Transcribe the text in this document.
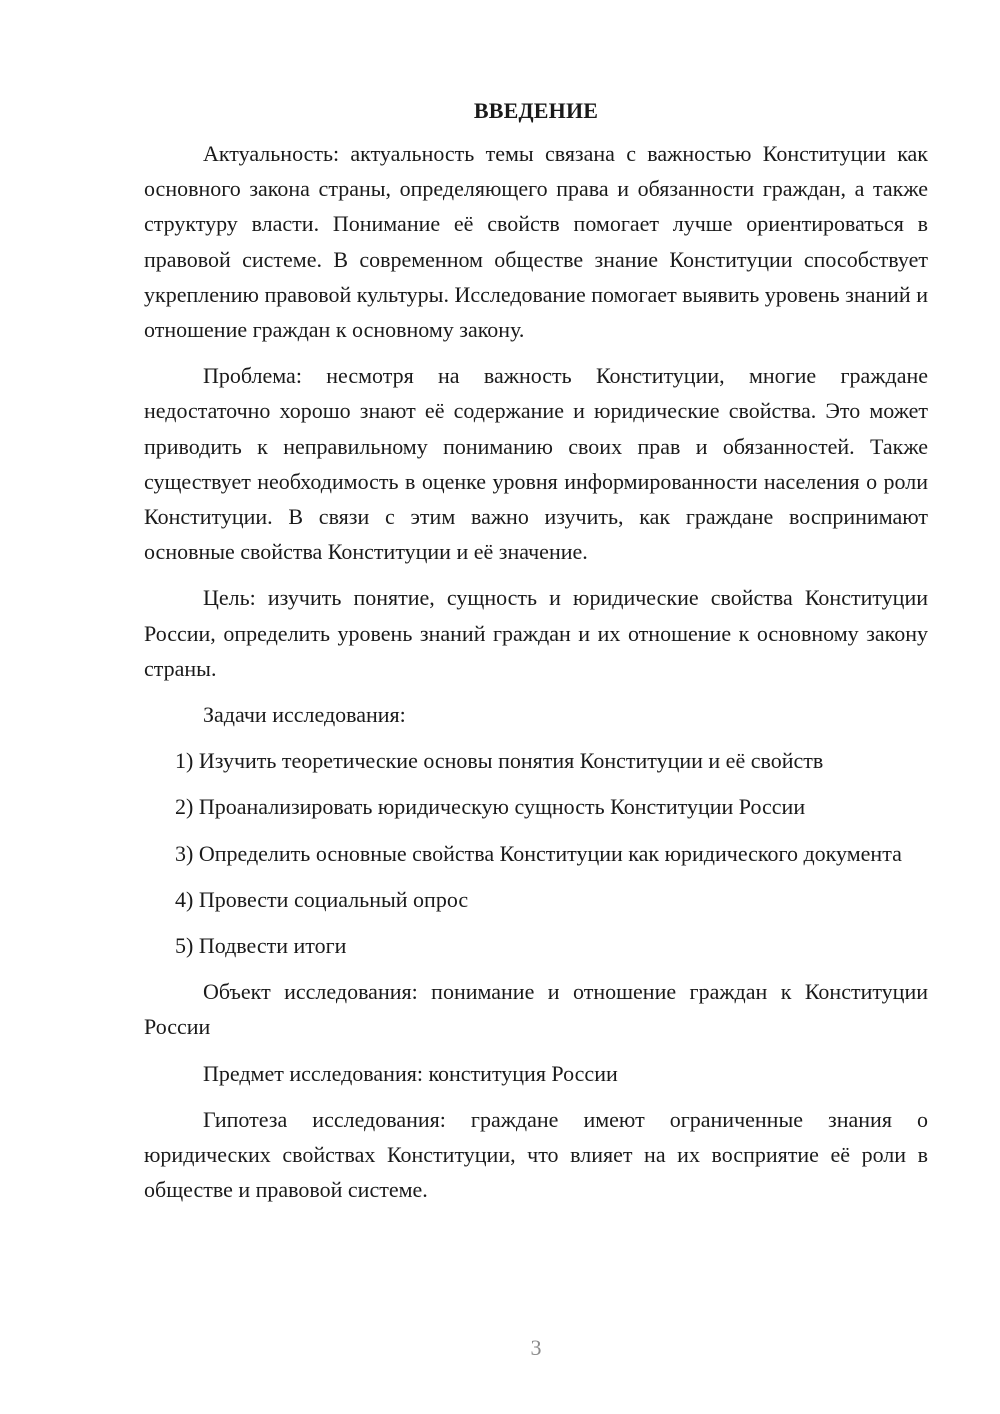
ВВЕДЕНИЕ

Актуальность: актуальность темы связана с важностью Конституции как основного закона страны, определяющего права и обязанности граждан, а также структуру власти. Понимание её свойств помогает лучше ориентироваться в правовой системе. В современном обществе знание Конституции способствует укреплению правовой культуры. Исследование помогает выявить уровень знаний и отношение граждан к основному закону.

Проблема: несмотря на важность Конституции, многие граждане недостаточно хорошо знают её содержание и юридические свойства. Это может приводить к неправильному пониманию своих прав и обязанностей. Также существует необходимость в оценке уровня информированности населения о роли Конституции. В связи с этим важно изучить, как граждане воспринимают основные свойства Конституции и её значение.

Цель: изучить понятие, сущность и юридические свойства Конституции России, определить уровень знаний граждан и их отношение к основному закону страны.

Задачи исследования:

1) Изучить теоретические основы понятия Конституции и её свойств

2) Проанализировать юридическую сущность Конституции России

3) Определить основные свойства Конституции как юридического документа

4) Провести социальный опрос

5) Подвести итоги

Объект исследования: понимание и отношение граждан к Конституции России

Предмет исследования: конституция России

Гипотеза исследования: граждане имеют ограниченные знания о юридических свойствах Конституции, что влияет на их восприятие её роли в обществе и правовой системе.

3
